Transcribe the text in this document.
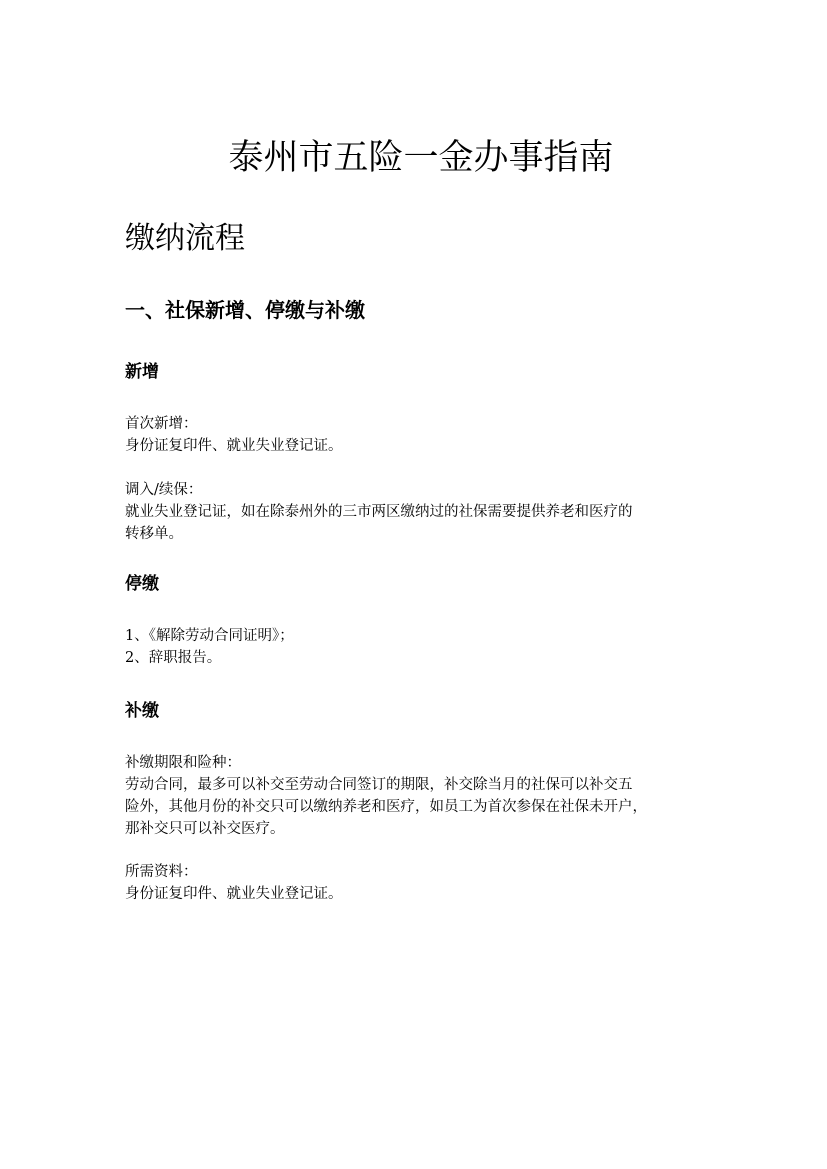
泰州市五险一金办事指南
缴纳流程
一、社保新增、停缴与补缴
新增
首次新增：
身份证复印件、就业失业登记证。
调入/续保：
就业失业登记证，如在除泰州外的三市两区缴纳过的社保需要提供养老和医疗的
转移单。
停缴
1、《解除劳动合同证明》；
2、辞职报告。
补缴
补缴期限和险种：
劳动合同，最多可以补交至劳动合同签订的期限，补交除当月的社保可以补交五
险外，其他月份的补交只可以缴纳养老和医疗，如员工为首次参保在社保未开户，
那补交只可以补交医疗。
所需资料：
身份证复印件、就业失业登记证。
